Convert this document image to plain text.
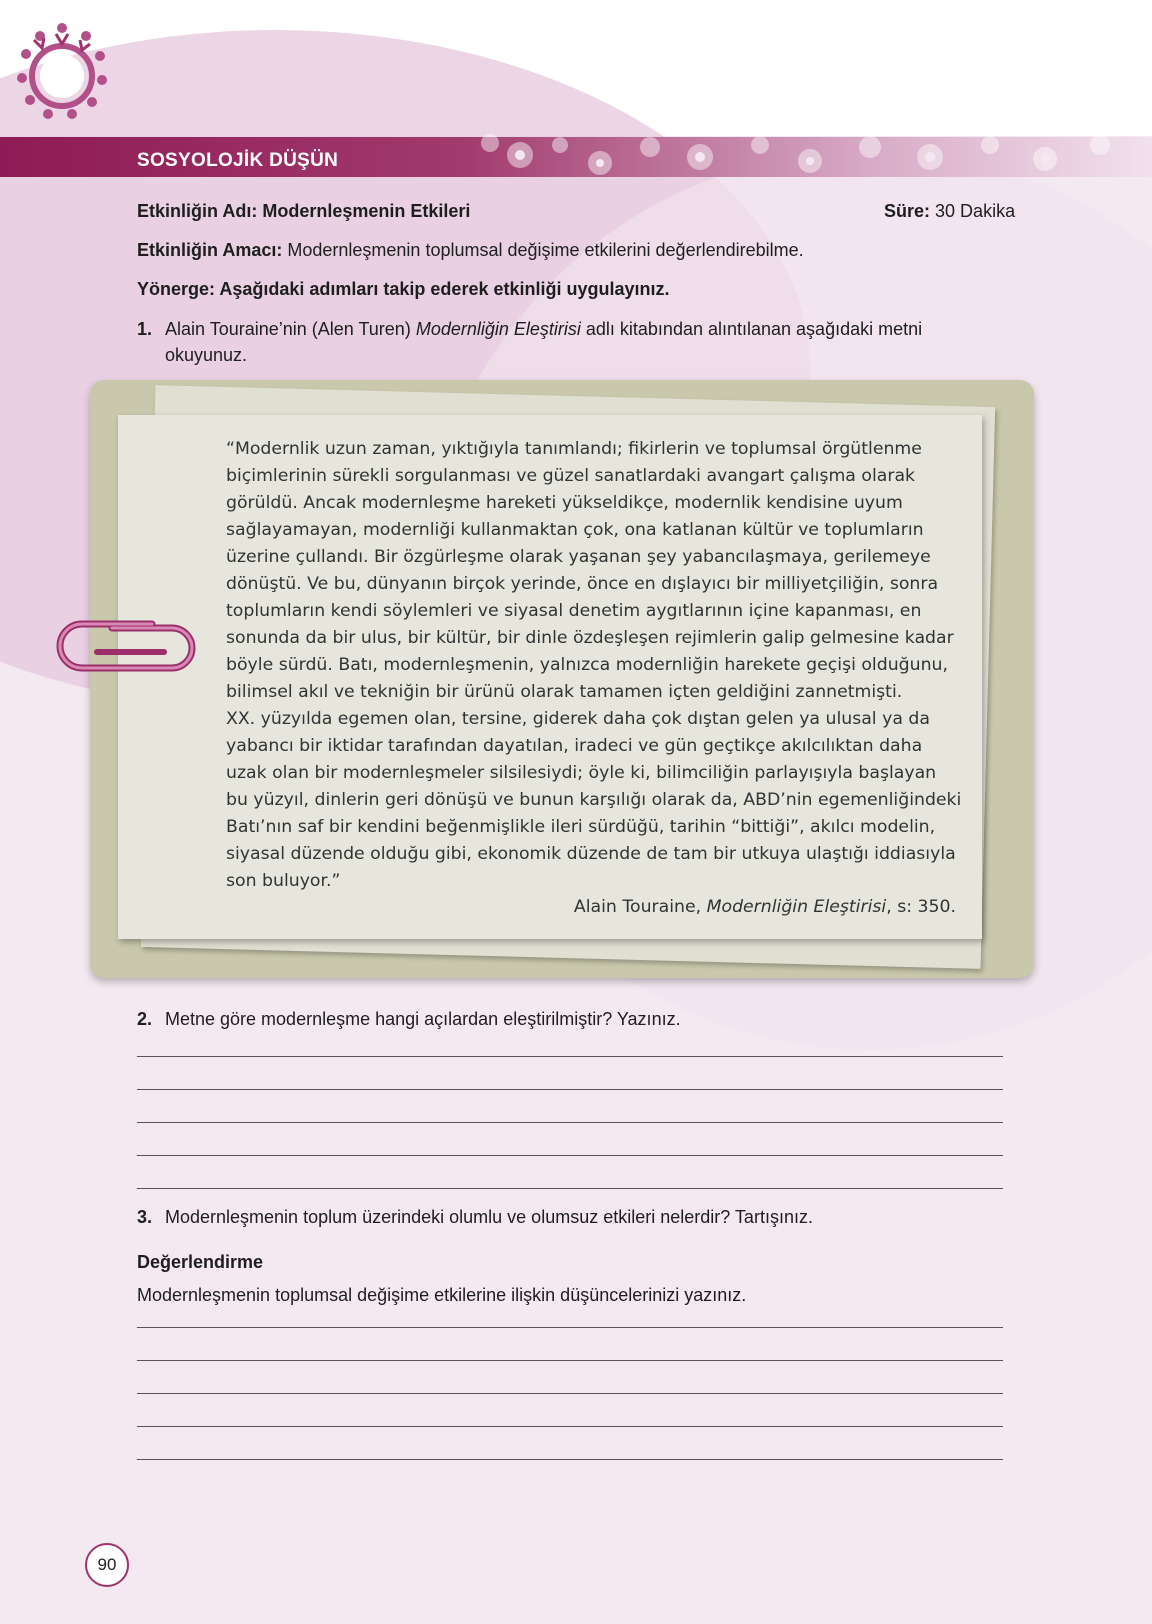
SOSYOLOJİK DÜŞÜN
Etkinliğin Adı: Modernleşmenin Etkileri	Süre: 30 Dakika
Etkinliğin Amacı: Modernleşmenin toplumsal değişime etkilerini değerlendirebilme.
Yönerge: Aşağıdaki adımları takip ederek etkinliği uygulayınız.
1. Alain Touraine’nin (Alen Turen) Modernliğin Eleştirisi adlı kitabından alıntılanan aşağıdaki metni
okuyunuz.

“Modernlik uzun zaman, yıktığıyla tanımlandı; fikirlerin ve toplumsal örgütlenme

biçimlerinin sürekli sorgulanması ve güzel sanatlardaki avangart çalışma olarak

görüldü. Ancak modernleşme hareketi yükseldikçe, modernlik kendisine uyum

sağlayamayan, modernliği kullanmaktan çok, ona katlanan kültür ve toplumların

üzerine çullandı. Bir özgürleşme olarak yaşanan şey yabancılaşmaya, gerilemeye

dönüştü. Ve bu, dünyanın birçok yerinde, önce en dışlayıcı bir milliyetçiliğin, sonra

toplumların kendi söylemleri ve siyasal denetim aygıtlarının içine kapanması, en

sonunda da bir ulus, bir kültür, bir dinle özdeşleşen rejimlerin galip gelmesine kadar

böyle sürdü. Batı, modernleşmenin, yalnızca modernliğin harekete geçişi olduğunu,

bilimsel akıl ve tekniğin bir ürünü olarak tamamen içten geldiğini zannetmişti.

XX. yüzyılda egemen olan, tersine, giderek daha çok dıştan gelen ya ulusal ya da

yabancı bir iktidar tarafından dayatılan, iradeci ve gün geçtikçe akılcılıktan daha

uzak olan bir modernleşmeler silsilesiydi; öyle ki, bilimciliğin parlayışıyla başlayan

bu yüzyıl, dinlerin geri dönüşü ve bunun karşılığı olarak da, ABD’nin egemenliğindeki

Batı’nın saf bir kendini beğenmişlikle ileri sürdüğü, tarihin “bittiği”, akılcı modelin,

siyasal düzende olduğu gibi, ekonomik düzende de tam bir utkuya ulaştığı iddiasıyla

son buluyor.”

Alain Touraine, Modernliğin Eleştirisi, s: 350.
2. Metne göre modernleşme hangi açılardan eleştirilmiştir? Yazınız.
3. Modernleşmenin toplum üzerindeki olumlu ve olumsuz etkileri nelerdir? Tartışınız.
Değerlendirme
Modernleşmenin toplumsal değişime etkilerine ilişkin düşüncelerinizi yazınız.
90
